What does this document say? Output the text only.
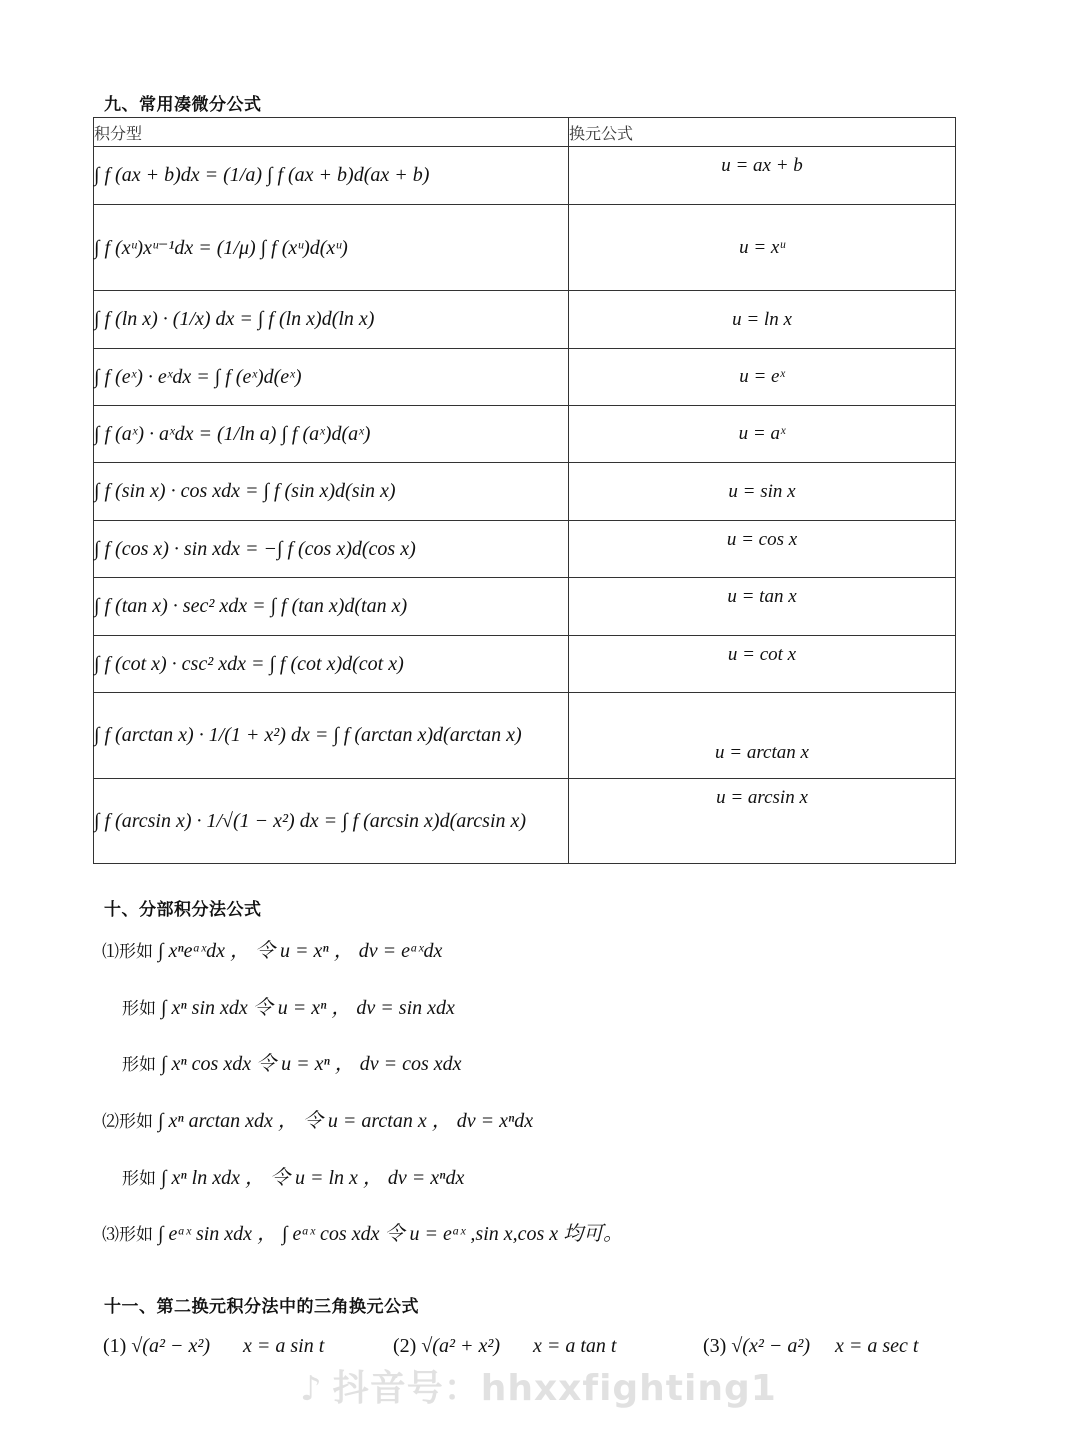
九、常用凑微分公式
积分型	换元公式
∫ f (ax + b)dx = (1/a) ∫ f (ax + b)d(ax + b)	u = ax + b
∫ f (xᵘ)xᵘ⁻¹dx = (1/μ) ∫ f (xᵘ)d(xᵘ)	u = xᵘ
∫ f (ln x) · (1/x) dx = ∫ f (ln x)d(ln x)	u = ln x
∫ f (eˣ) · eˣdx = ∫ f (eˣ)d(eˣ)	u = eˣ
∫ f (aˣ) · aˣdx = (1/ln a) ∫ f (aˣ)d(aˣ)	u = aˣ
∫ f (sin x) · cos xdx = ∫ f (sin x)d(sin x)	u = sin x
∫ f (cos x) · sin xdx = −∫ f (cos x)d(cos x)	u = cos x
∫ f (tan x) · sec² xdx = ∫ f (tan x)d(tan x)	u = tan x
∫ f (cot x) · csc² xdx = ∫ f (cot x)d(cot x)	u = cot x
∫ f (arctan x) · 1/(1 + x²) dx = ∫ f (arctan x)d(arctan x)	u = arctan x
∫ f (arcsin x) · 1/√(1 − x²) dx = ∫ f (arcsin x)d(arcsin x)	u = arcsin x
十、分部积分法公式
⑴形如 ∫ xⁿeᵃˣdx ， 令 u = xⁿ ， dv = eᵃˣdx
形如 ∫ xⁿ sin xdx 令 u = xⁿ ， dv = sin xdx
形如 ∫ xⁿ cos xdx 令 u = xⁿ ， dv = cos xdx
⑵形如 ∫ xⁿ arctan xdx ， 令 u = arctan x ， dv = xⁿdx
形如 ∫ xⁿ ln xdx ， 令 u = ln x ， dv = xⁿdx
⑶形如 ∫ eᵃˣ sin xdx ， ∫ eᵃˣ cos xdx 令 u = eᵃˣ ,sin x,cos x 均可。
十一、第二换元积分法中的三角换元公式
(1) √(a² − x²) x = a sin t	(2) √(a² + x²) x = a tan t	(3) √(x² − a²) x = a sec t
♪ 抖音号：hhxxfighting1
